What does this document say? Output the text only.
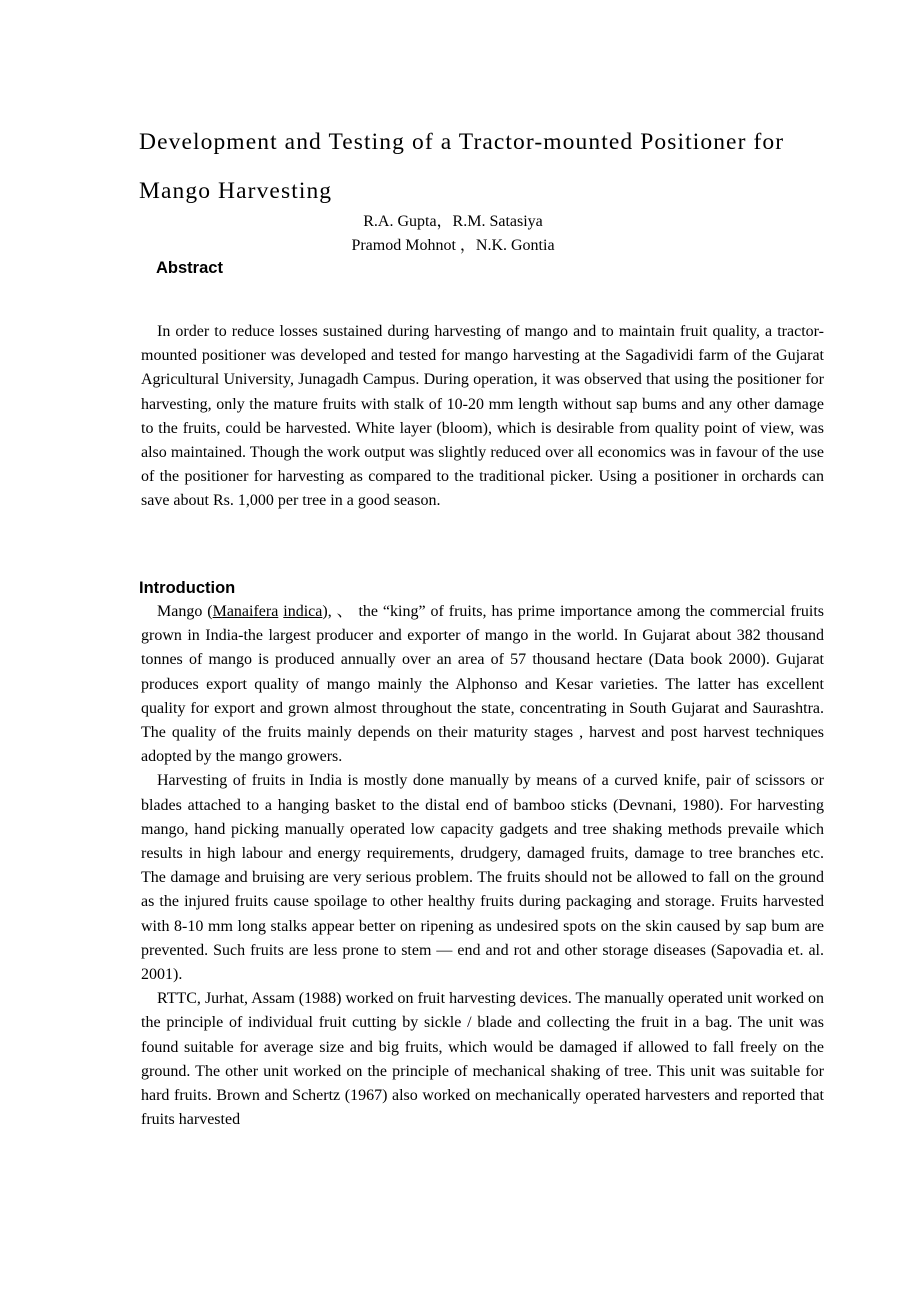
Development and Testing of a Tractor-mounted Positioner for Mango Harvesting
R.A. Gupta，R.M. Satasiya
Pramod Mohnot ，N.K. Gontia
Abstract

In order to reduce losses sustained during harvesting of mango and to maintain fruit quality, a tractor- mounted positioner was developed and tested for mango harvesting at the Sagadividi farm of the Gujarat Agricultural University, Junagadh Campus. During operation, it was observed that using the positioner for harvesting, only the mature fruits with stalk of 10-20 mm length without sap bums and any other damage to the fruits, could be harvested. White layer (bloom), which is desirable from quality point of view, was also maintained. Though the work output was slightly reduced over all economics was in favour of the use of the positioner for harvesting as compared to the traditional picker. Using a positioner in orchards can save about Rs. 1,000 per tree in a good season.

Introduction

Mango (Manaifera indica), 、 the “king” of fruits, has prime importance among the commercial fruits grown in India-the largest producer and exporter of mango in the world. In Gujarat about 382 thousand tonnes of mango is produced annually over an area of 57 thousand hectare (Data book 2000). Gujarat produces export quality of mango mainly the Alphonso and Kesar varieties. The latter has excellent quality for export and grown almost throughout the state, concentrating in South Gujarat and Saurashtra. The quality of the fruits mainly depends on their maturity stages , harvest and post harvest techniques adopted by the mango growers.

Harvesting of fruits in India is mostly done manually by means of a curved knife, pair of scissors or blades attached to a hanging basket to the distal end of bamboo sticks (Devnani, 1980). For harvesting mango, hand picking manually operated low capacity gadgets and tree shaking methods prevaile which results in high labour and energy requirements, drudgery, damaged fruits, damage to tree branches etc. The damage and bruising are very serious problem. The fruits should not be allowed to fall on the ground as the injured fruits cause spoilage to other healthy fruits during packaging and storage. Fruits harvested with 8-10 mm long stalks appear better on ripening as undesired spots on the skin caused by sap bum are prevented. Such fruits are less prone to stem — end and rot and other storage diseases (Sapovadia et. al. 2001).

RTTC, Jurhat, Assam (1988) worked on fruit harvesting devices. The manually operated unit worked on the principle of individual fruit cutting by sickle / blade and collecting the fruit in a bag. The unit was found suitable for average size and big fruits, which would be damaged if allowed to fall freely on the ground. The other unit worked on the principle of mechanical shaking of tree. This unit was suitable for hard fruits. Brown and Schertz (1967) also worked on mechanically operated harvesters and reported that fruits harvested
